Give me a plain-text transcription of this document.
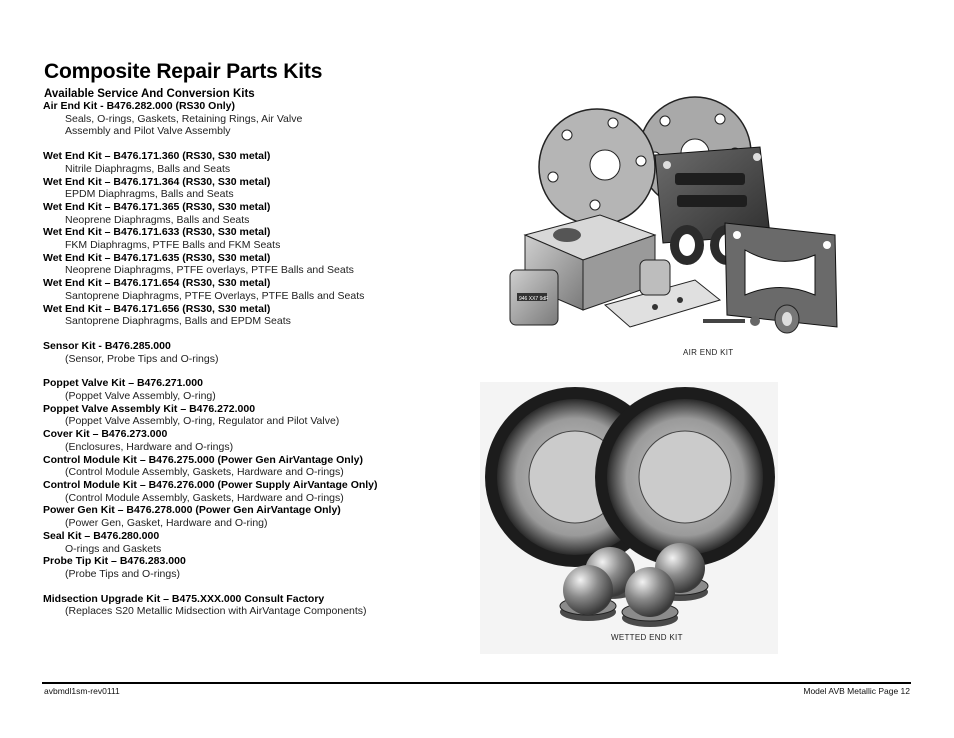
Composite Repair Parts Kits
Available Service And Conversion Kits
Air End Kit - B476.282.000 (RS30 Only)
Seals, O-rings, Gaskets, Retaining Rings, Air Valve Assembly and Pilot Valve Assembly
Wet End Kit – B476.171.360 (RS30, S30 metal)
Nitrile Diaphragms, Balls and Seats
Wet End Kit – B476.171.364 (RS30, S30 metal)
EPDM Diaphragms, Balls and Seats
Wet End Kit – B476.171.365 (RS30, S30 metal)
Neoprene Diaphragms, Balls and Seats
Wet End Kit – B476.171.633 (RS30, S30 metal)
FKM Diaphragms, PTFE Balls and FKM Seats
Wet End Kit – B476.171.635 (RS30, S30 metal)
Neoprene Diaphragms, PTFE overlays, PTFE Balls and Seats
Wet End Kit – B476.171.654 (RS30, S30 metal)
Santoprene Diaphragms, PTFE Overlays, PTFE Balls and Seats
Wet End Kit – B476.171.656 (RS30, S30 metal)
Santoprene Diaphragms, Balls and EPDM Seats
Sensor Kit - B476.285.000
(Sensor, Probe Tips and O-rings)
Poppet Valve Kit – B476.271.000
(Poppet Valve Assembly, O-ring)
Poppet Valve Assembly Kit – B476.272.000
(Poppet Valve Assembly, O-ring, Regulator and Pilot Valve)
Cover Kit – B476.273.000
(Enclosures, Hardware and O-rings)
Control Module Kit – B476.275.000 (Power Gen AirVantage Only)
(Control Module Assembly, Gaskets, Hardware and O-rings)
Control Module Kit – B476.276.000 (Power Supply AirVantage Only)
(Control Module Assembly, Gaskets, Hardware and O-rings)
Power Gen Kit – B476.278.000 (Power Gen AirVantage Only)
(Power Gen, Gasket, Hardware and O-ring)
Seal Kit – B476.280.000
O-rings and Gaskets
Probe Tip Kit – B476.283.000
(Probe Tips and O-rings)
Midsection Upgrade Kit – B475.XXX.000 Consult Factory
(Replaces S20 Metallic Midsection with AirVantage Components)
946 XX7 9dF
AIR END KIT
WETTED END KIT
avbmdl1sm-rev0111	Model AVB Metallic Page 12
